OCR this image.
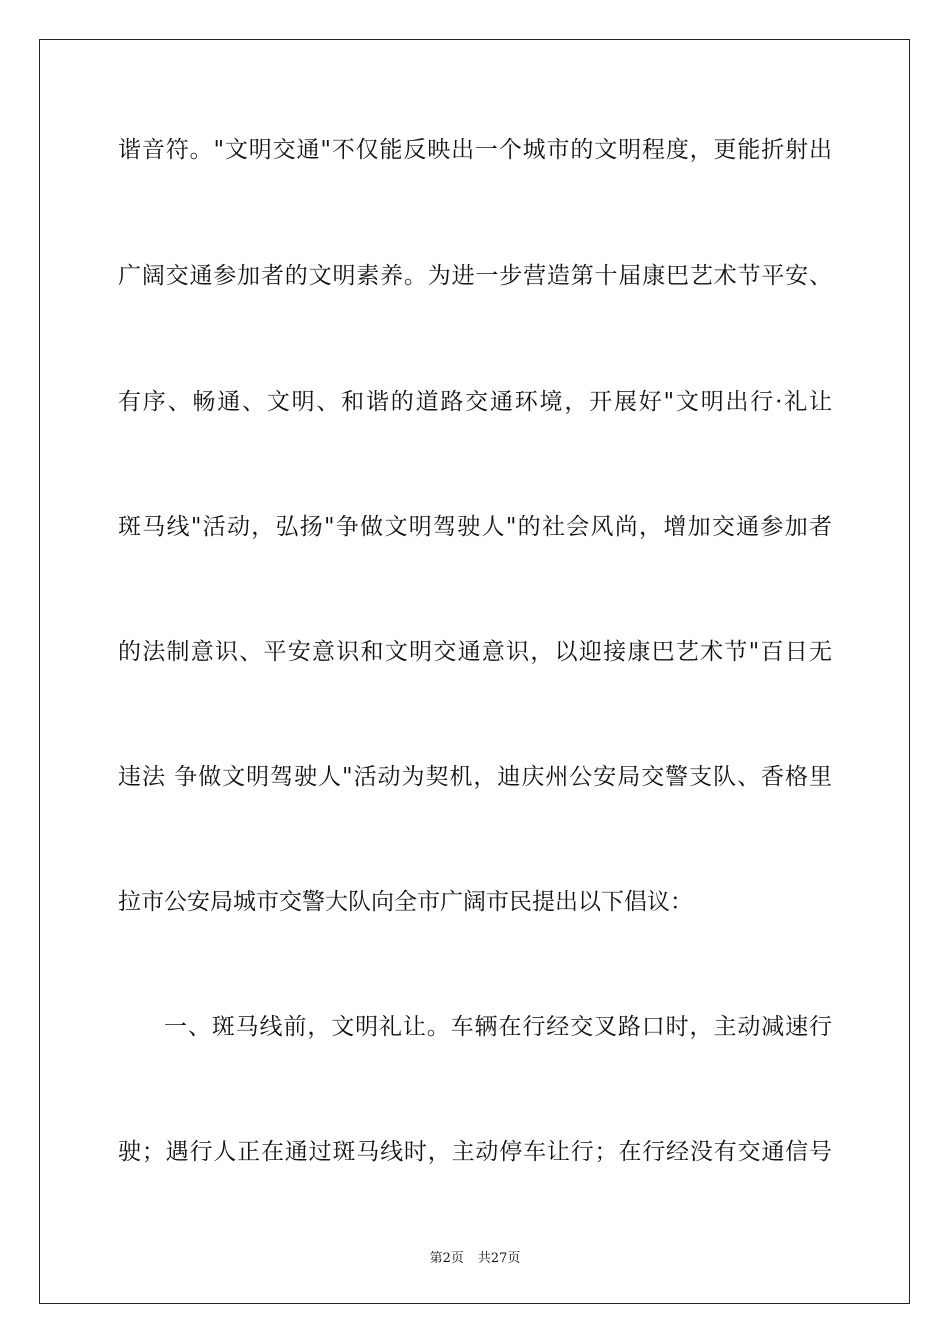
谐音符。"文明交通"不仅能反映出一个城市的文明程度，更能折射出
广阔交通参加者的文明素养。为进一步营造第十届康巴艺术节平安、
有序、畅通、文明、和谐的道路交通环境，开展好"文明出行·礼让
斑马线"活动，弘扬"争做文明驾驶人"的社会风尚，增加交通参加者
的法制意识、平安意识和文明交通意识，以迎接康巴艺术节"百日无
违法 争做文明驾驶人"活动为契机，迪庆州公安局交警支队、香格里
拉市公安局城市交警大队向全市广阔市民提出以下倡议：
一、斑马线前，文明礼让。车辆在行经交叉路口时，主动减速行
驶；遇行人正在通过斑马线时，主动停车让行；在行经没有交通信号
第2页 共27页
